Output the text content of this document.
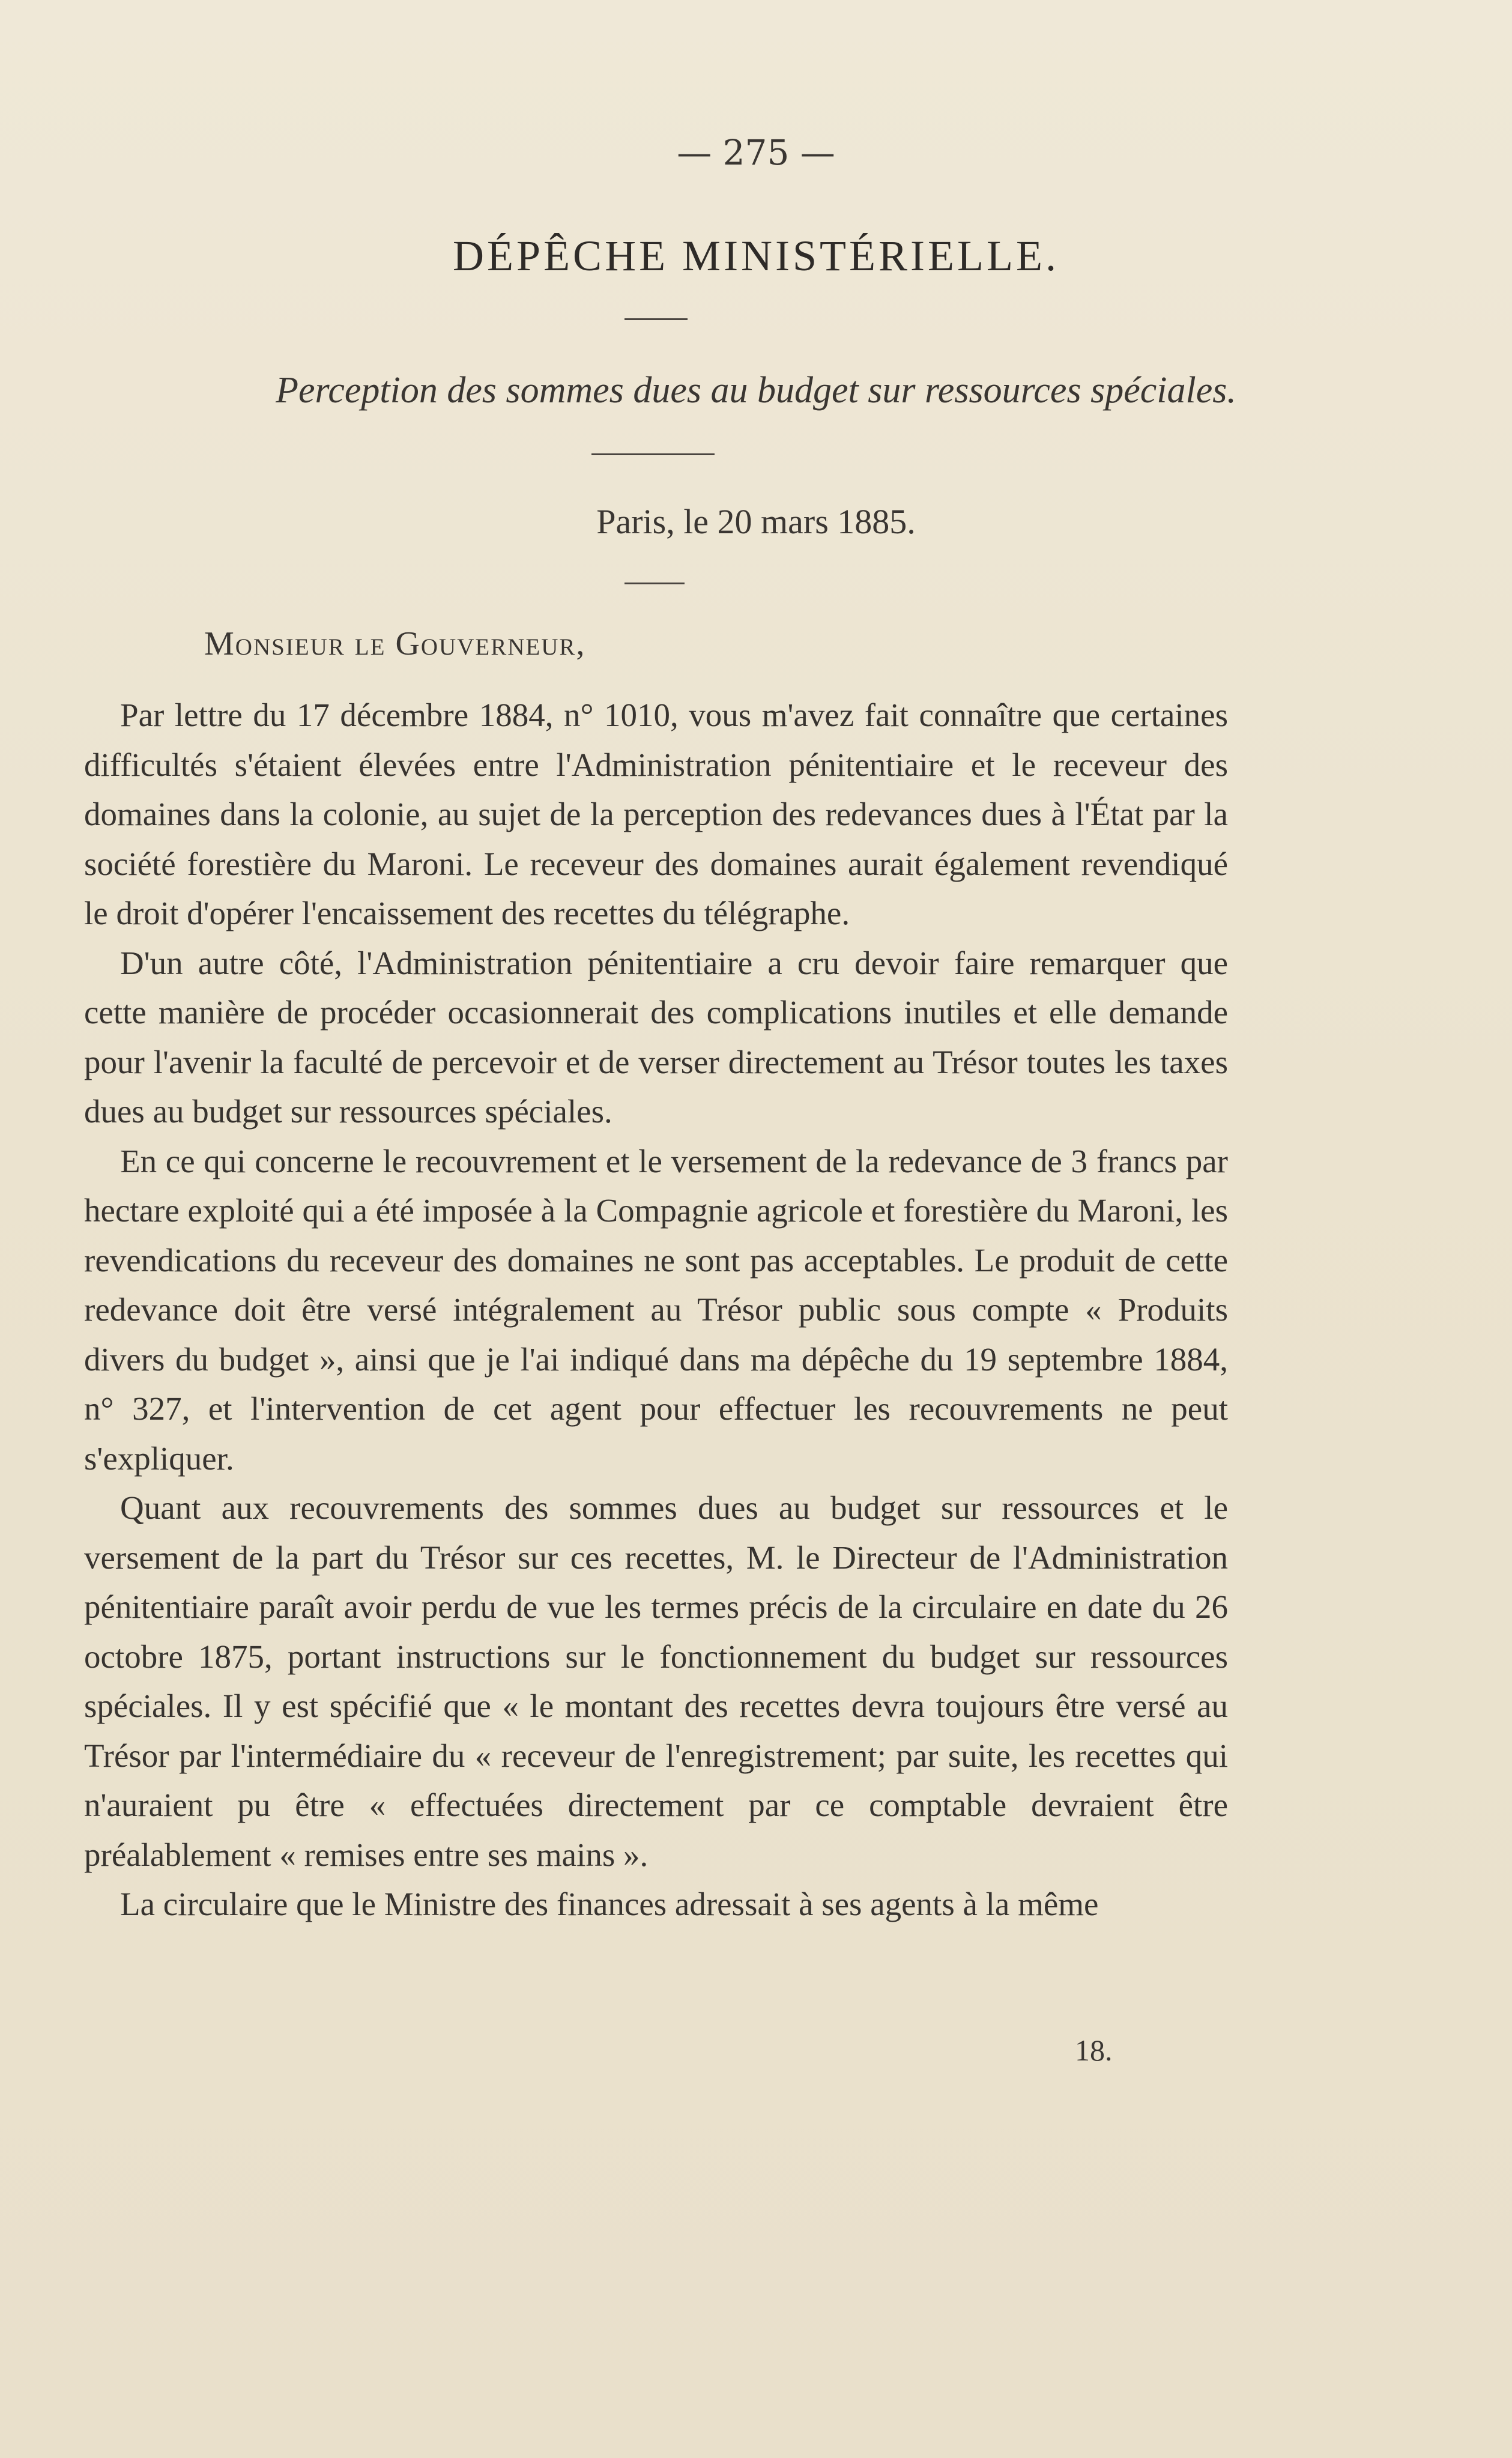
— 275 —
DÉPÊCHE MINISTÉRIELLE.
Perception des sommes dues au budget sur ressources spéciales.
Paris, le 20 mars 1885.
Monsieur le Gouverneur,

Par lettre du 17 décembre 1884, n° 1010, vous m'avez fait connaître que certaines difficultés s'étaient élevées entre l'Administration pénitentiaire et le receveur des domaines dans la colonie, au sujet de la perception des redevances dues à l'État par la société forestière du Maroni. Le receveur des domaines aurait également revendiqué le droit d'opérer l'encaissement des recettes du télégraphe.

D'un autre côté, l'Administration pénitentiaire a cru devoir faire remarquer que cette manière de procéder occasionnerait des complications inutiles et elle demande pour l'avenir la faculté de percevoir et de verser directement au Trésor toutes les taxes dues au budget sur ressources spéciales.

En ce qui concerne le recouvrement et le versement de la redevance de 3 francs par hectare exploité qui a été imposée à la Compagnie agricole et forestière du Maroni, les revendications du receveur des domaines ne sont pas acceptables. Le produit de cette redevance doit être versé intégralement au Trésor public sous compte « Produits divers du budget », ainsi que je l'ai indiqué dans ma dépêche du 19 septembre 1884, n° 327, et l'intervention de cet agent pour effectuer les recouvrements ne peut s'expliquer.

Quant aux recouvrements des sommes dues au budget sur ressources et le versement de la part du Trésor sur ces recettes, M. le Directeur de l'Administration pénitentiaire paraît avoir perdu de vue les termes précis de la circulaire en date du 26 octobre 1875, portant instructions sur le fonctionnement du budget sur ressources spéciales. Il y est spécifié que « le montant des recettes devra toujours être versé au Trésor par l'intermédiaire du « receveur de l'enregistrement; par suite, les recettes qui n'auraient pu être « effectuées directement par ce comptable devraient être préalablement « remises entre ses mains ».

La circulaire que le Ministre des finances adressait à ses agents à la même

18.
